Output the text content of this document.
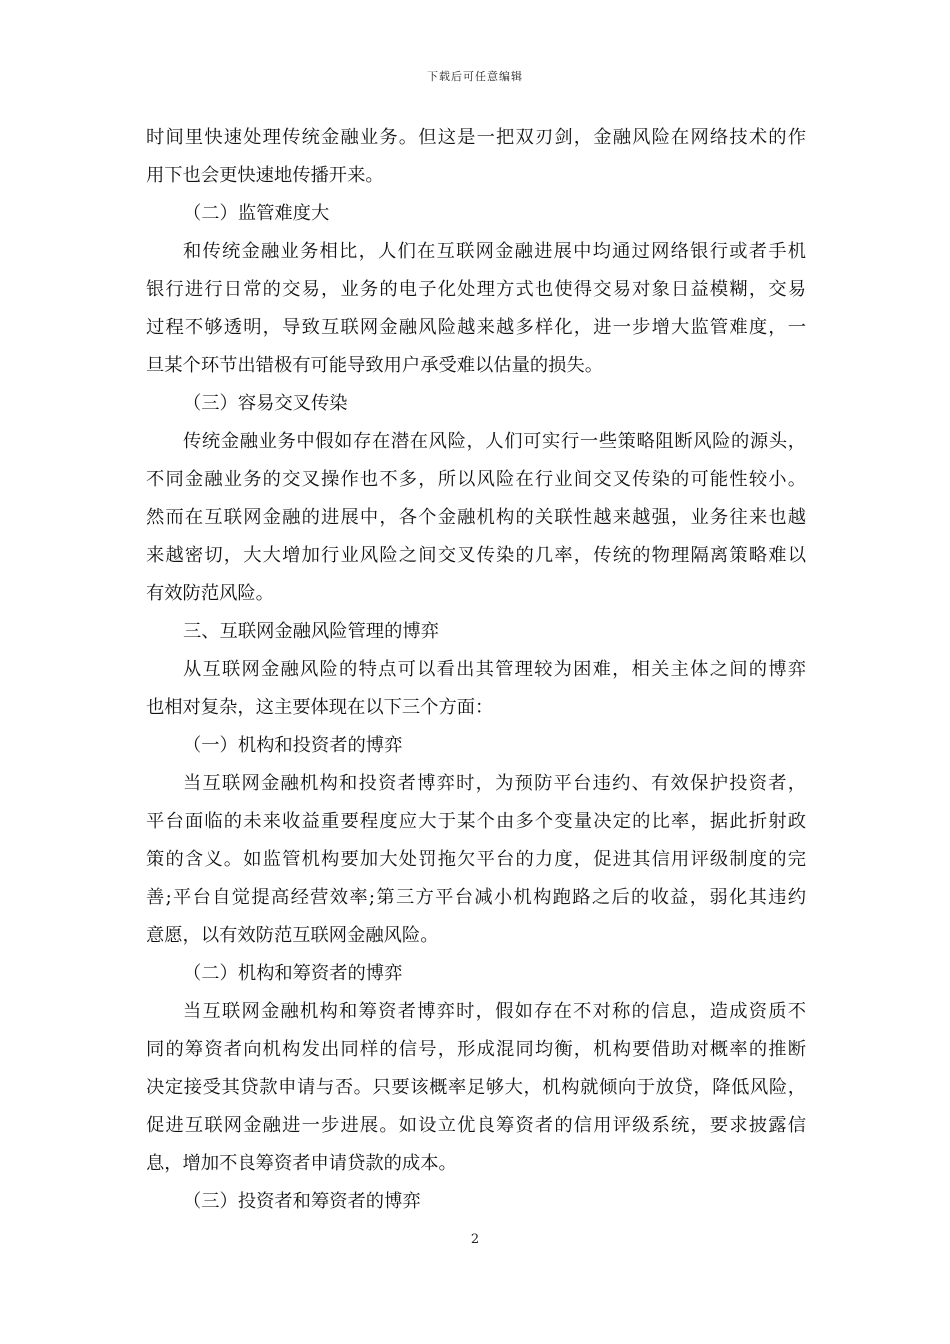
下载后可任意编辑
时间里快速处理传统金融业务。但这是一把双刃剑，金融风险在网络技术的作
用下也会更快速地传播开来。
（二）监管难度大
和传统金融业务相比，人们在互联网金融进展中均通过网络银行或者手机
银行进行日常的交易，业务的电子化处理方式也使得交易对象日益模糊，交易
过程不够透明，导致互联网金融风险越来越多样化，进一步增大监管难度，一
旦某个环节出错极有可能导致用户承受难以估量的损失。
（三）容易交叉传染
传统金融业务中假如存在潜在风险，人们可实行一些策略阻断风险的源头，
不同金融业务的交叉操作也不多，所以风险在行业间交叉传染的可能性较小。
然而在互联网金融的进展中，各个金融机构的关联性越来越强，业务往来也越
来越密切，大大增加行业风险之间交叉传染的几率，传统的物理隔离策略难以
有效防范风险。
三、互联网金融风险管理的博弈
从互联网金融风险的特点可以看出其管理较为困难，相关主体之间的博弈
也相对复杂，这主要体现在以下三个方面：
（一）机构和投资者的博弈
当互联网金融机构和投资者博弈时，为预防平台违约、有效保护投资者，
平台面临的未来收益重要程度应大于某个由多个变量决定的比率，据此折射政
策的含义。如监管机构要加大处罚拖欠平台的力度，促进其信用评级制度的完
善;平台自觉提高经营效率;第三方平台减小机构跑路之后的收益，弱化其违约
意愿，以有效防范互联网金融风险。
（二）机构和筹资者的博弈
当互联网金融机构和筹资者博弈时，假如存在不对称的信息，造成资质不
同的筹资者向机构发出同样的信号，形成混同均衡，机构要借助对概率的推断
决定接受其贷款申请与否。只要该概率足够大，机构就倾向于放贷，降低风险，
促进互联网金融进一步进展。如设立优良筹资者的信用评级系统，要求披露信
息，增加不良筹资者申请贷款的成本。
（三）投资者和筹资者的博弈
2
